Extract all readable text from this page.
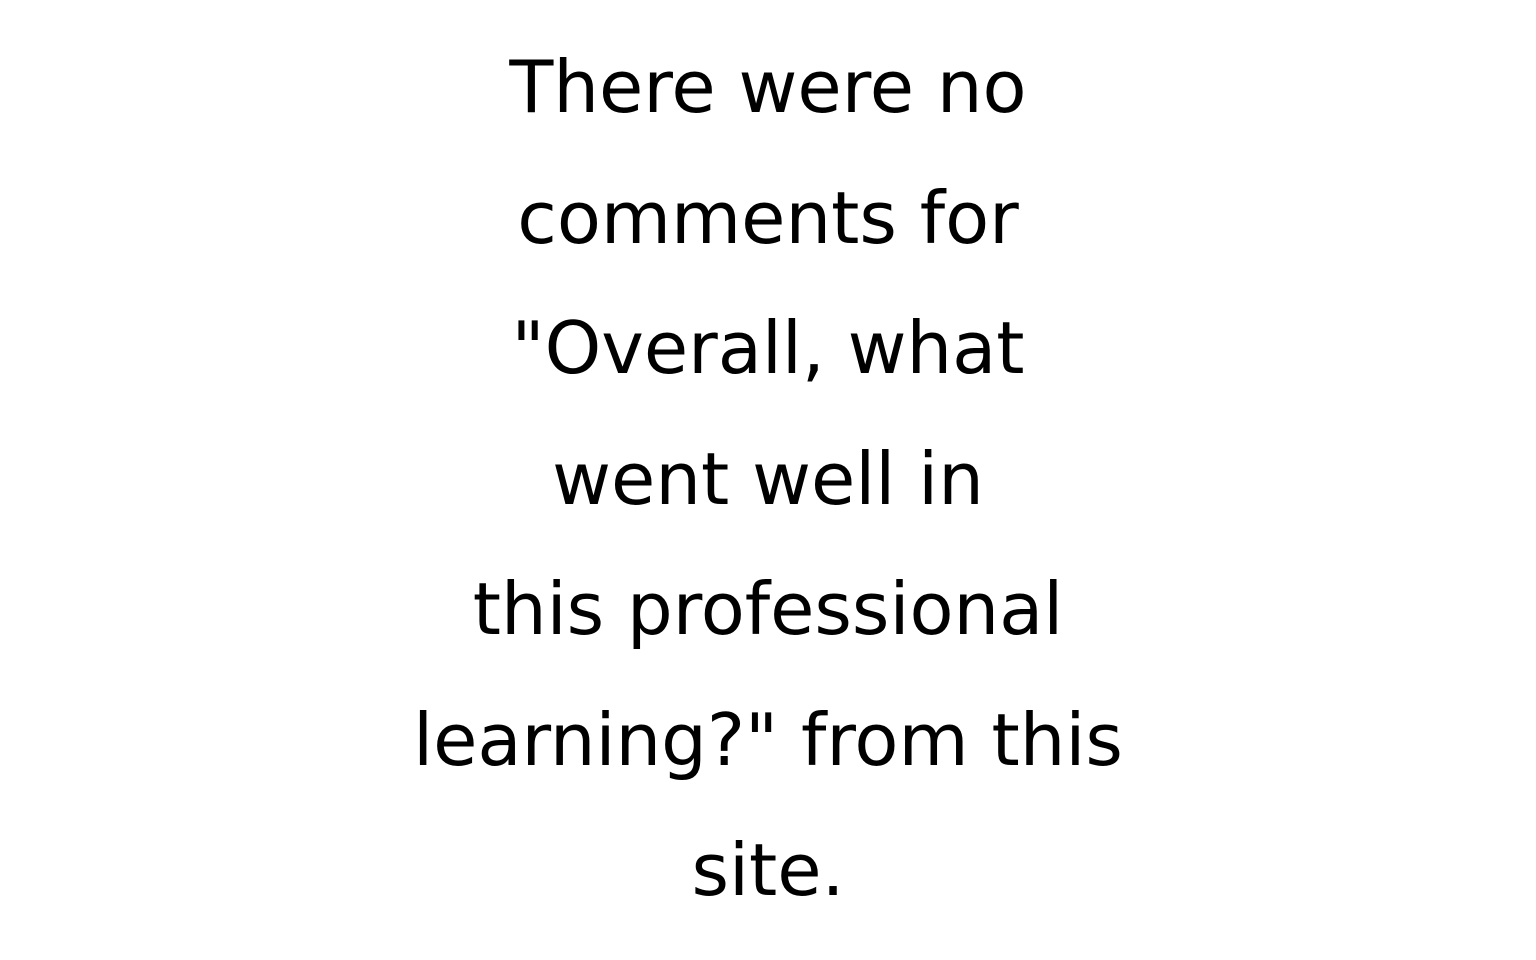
There were no
comments for
"Overall, what
went well in
this professional
learning?" from this
site.
